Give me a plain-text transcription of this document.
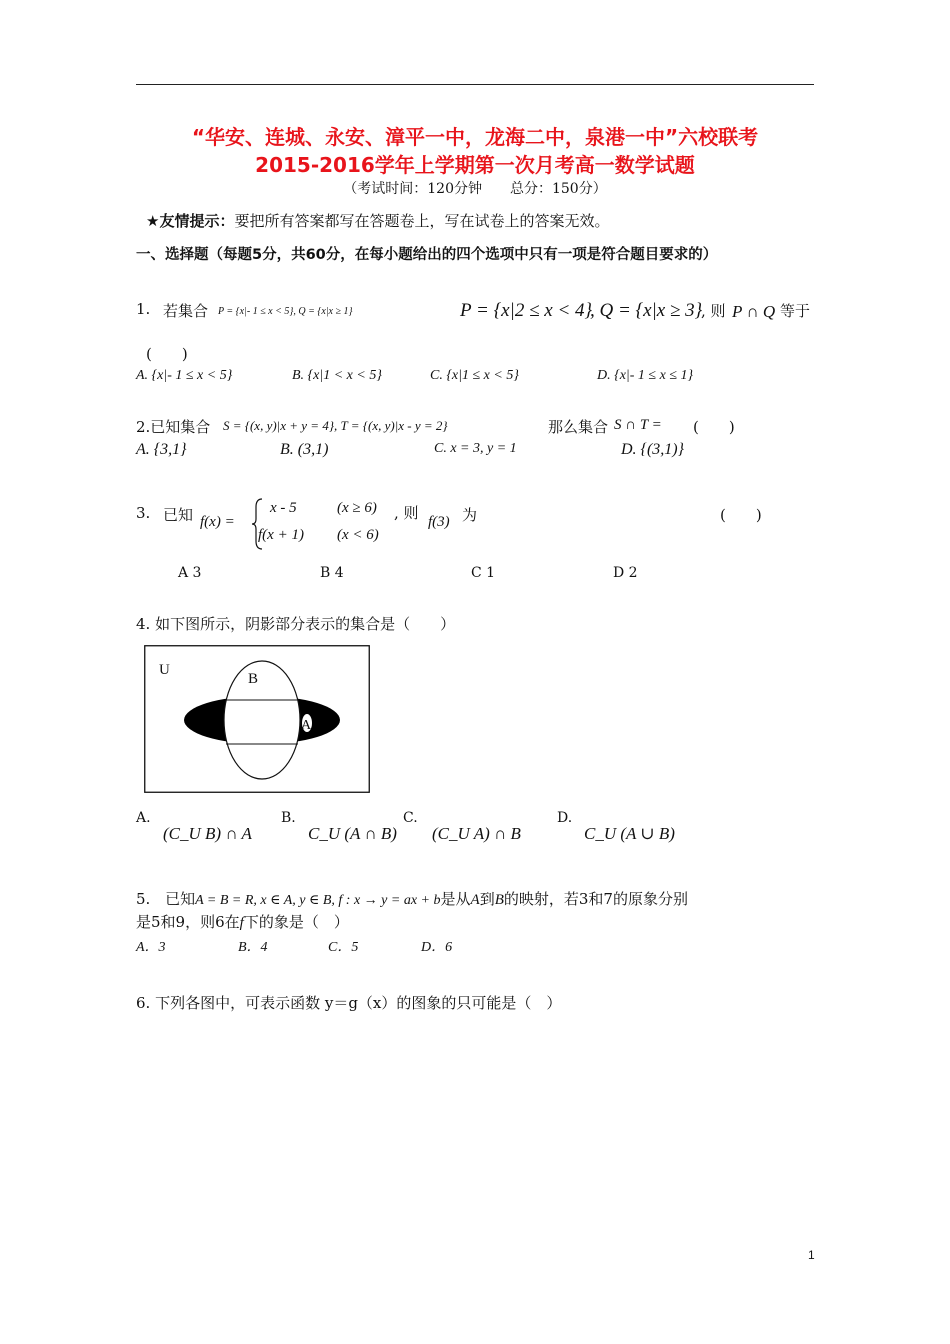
“华安、连城、永安、漳平一中，龙海二中，泉港一中”六校联考
2015-2016学年上学期第一次月考高一数学试题
（考试时间：120分钟　　总分：150分）
★友情提示：要把所有答案都写在答题卷上，写在试卷上的答案无效。
一、选择题（每题5分，共60分，在每小题给出的四个选项中只有一项是符合题目要求的）
1. 若集合 P = {x|- 1 ≤ x < 5}, Q = {x|x ≥ 1}	P = {x|2 ≤ x < 4}
, Q = {x|x ≥ 3}
, 则 P ∩ Q 等于
(　　)
A. {x|- 1 ≤ x < 5}	B. {x|1 < x < 5}	C. {x|1 ≤ x < 5}	D. {x|- 1 ≤ x ≤ 1}
2.已知集合 S = {(x, y)|x + y = 4}, T = {(x, y)|x - y = 2}	那么集合 S ∩ T = (　　)
A. {3,1}	B. (3,1)	C. x = 3, y = 1	D. {(3,1)}
3. 已知 f(x) =
x - 5	(x ≥ 6)
f(x + 1) (x < 6)
, 则 f(3) 为	(　　)
A 3	B 4	C 1	D 2
4. 如下图所示，阴影部分表示的集合是（　　）
U
B
A
A.
(C_U B) ∩ A
B.
C_U (A ∩ B)
C.
(C_U A) ∩ B
D.
C_U (A ∪ B)
5. 已知A = B = R, x ∈ A, y ∈ B, f : x → y = ax + b是从A到B的映射，若3和7的原象分别
是5和9，则6在f下的象是（　）
A．3	B．4	C．5	D．6
6. 下列各图中，可表示函数 y＝g（x）的图象的只可能是（　）
1
